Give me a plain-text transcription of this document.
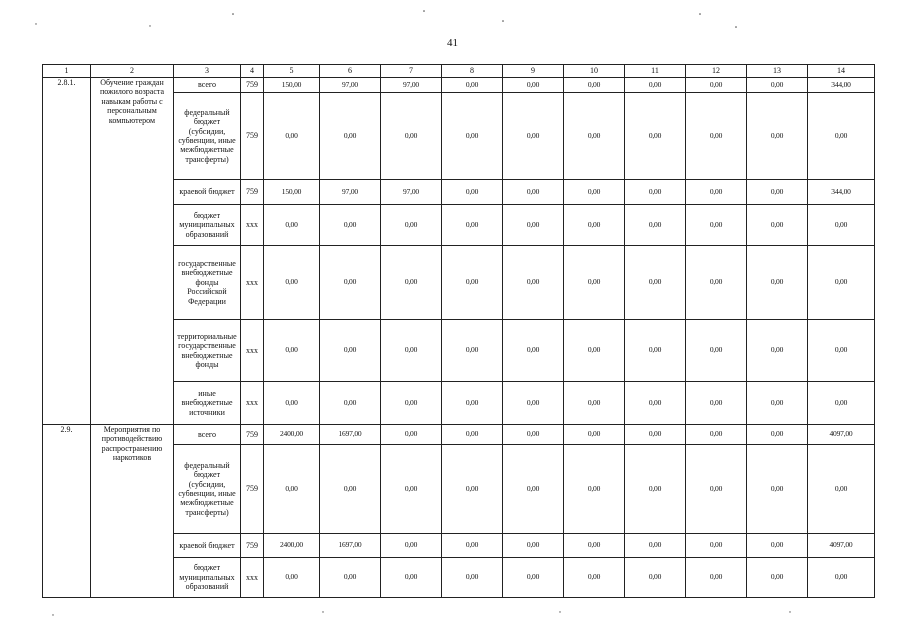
41
1	2	3	4	5	6	7	8	9	10	11	12	13	14
2.8.1.	Обучение граждан пожилого возраста навыкам работы с персональным компьютером	всего	759	150,00	97,00	97,00	0,00	0,00	0,00	0,00	0,00	0,00	344,00
		федеральный бюджет (субсидии, субвенции, иные межбюджетные трансферты)	759	0,00	0,00	0,00	0,00	0,00	0,00	0,00	0,00	0,00	0,00
		краевой бюджет	759	150,00	97,00	97,00	0,00	0,00	0,00	0,00	0,00	0,00	344,00
		бюджет муниципальных образований	ххх	0,00	0,00	0,00	0,00	0,00	0,00	0,00	0,00	0,00	0,00
		государственные внебюджетные фонды Российской Федерации	ххх	0,00	0,00	0,00	0,00	0,00	0,00	0,00	0,00	0,00	0,00
		территориальные государственные внебюджетные фонды	ххх	0,00	0,00	0,00	0,00	0,00	0,00	0,00	0,00	0,00	0,00
		иные внебюджетные источники	ххх	0,00	0,00	0,00	0,00	0,00	0,00	0,00	0,00	0,00	0,00
2.9.	Мероприятия по противодействию распространению наркотиков	всего	759	2400,00	1697,00	0,00	0,00	0,00	0,00	0,00	0,00	0,00	4097,00
		федеральный бюджет (субсидии, субвенции, иные межбюджетные трансферты)	759	0,00	0,00	0,00	0,00	0,00	0,00	0,00	0,00	0,00	0,00
		краевой бюджет	759	2400,00	1697,00	0,00	0,00	0,00	0,00	0,00	0,00	0,00	4097,00
		бюджет муниципальных образований	ххх	0,00	0,00	0,00	0,00	0,00	0,00	0,00	0,00	0,00	0,00
